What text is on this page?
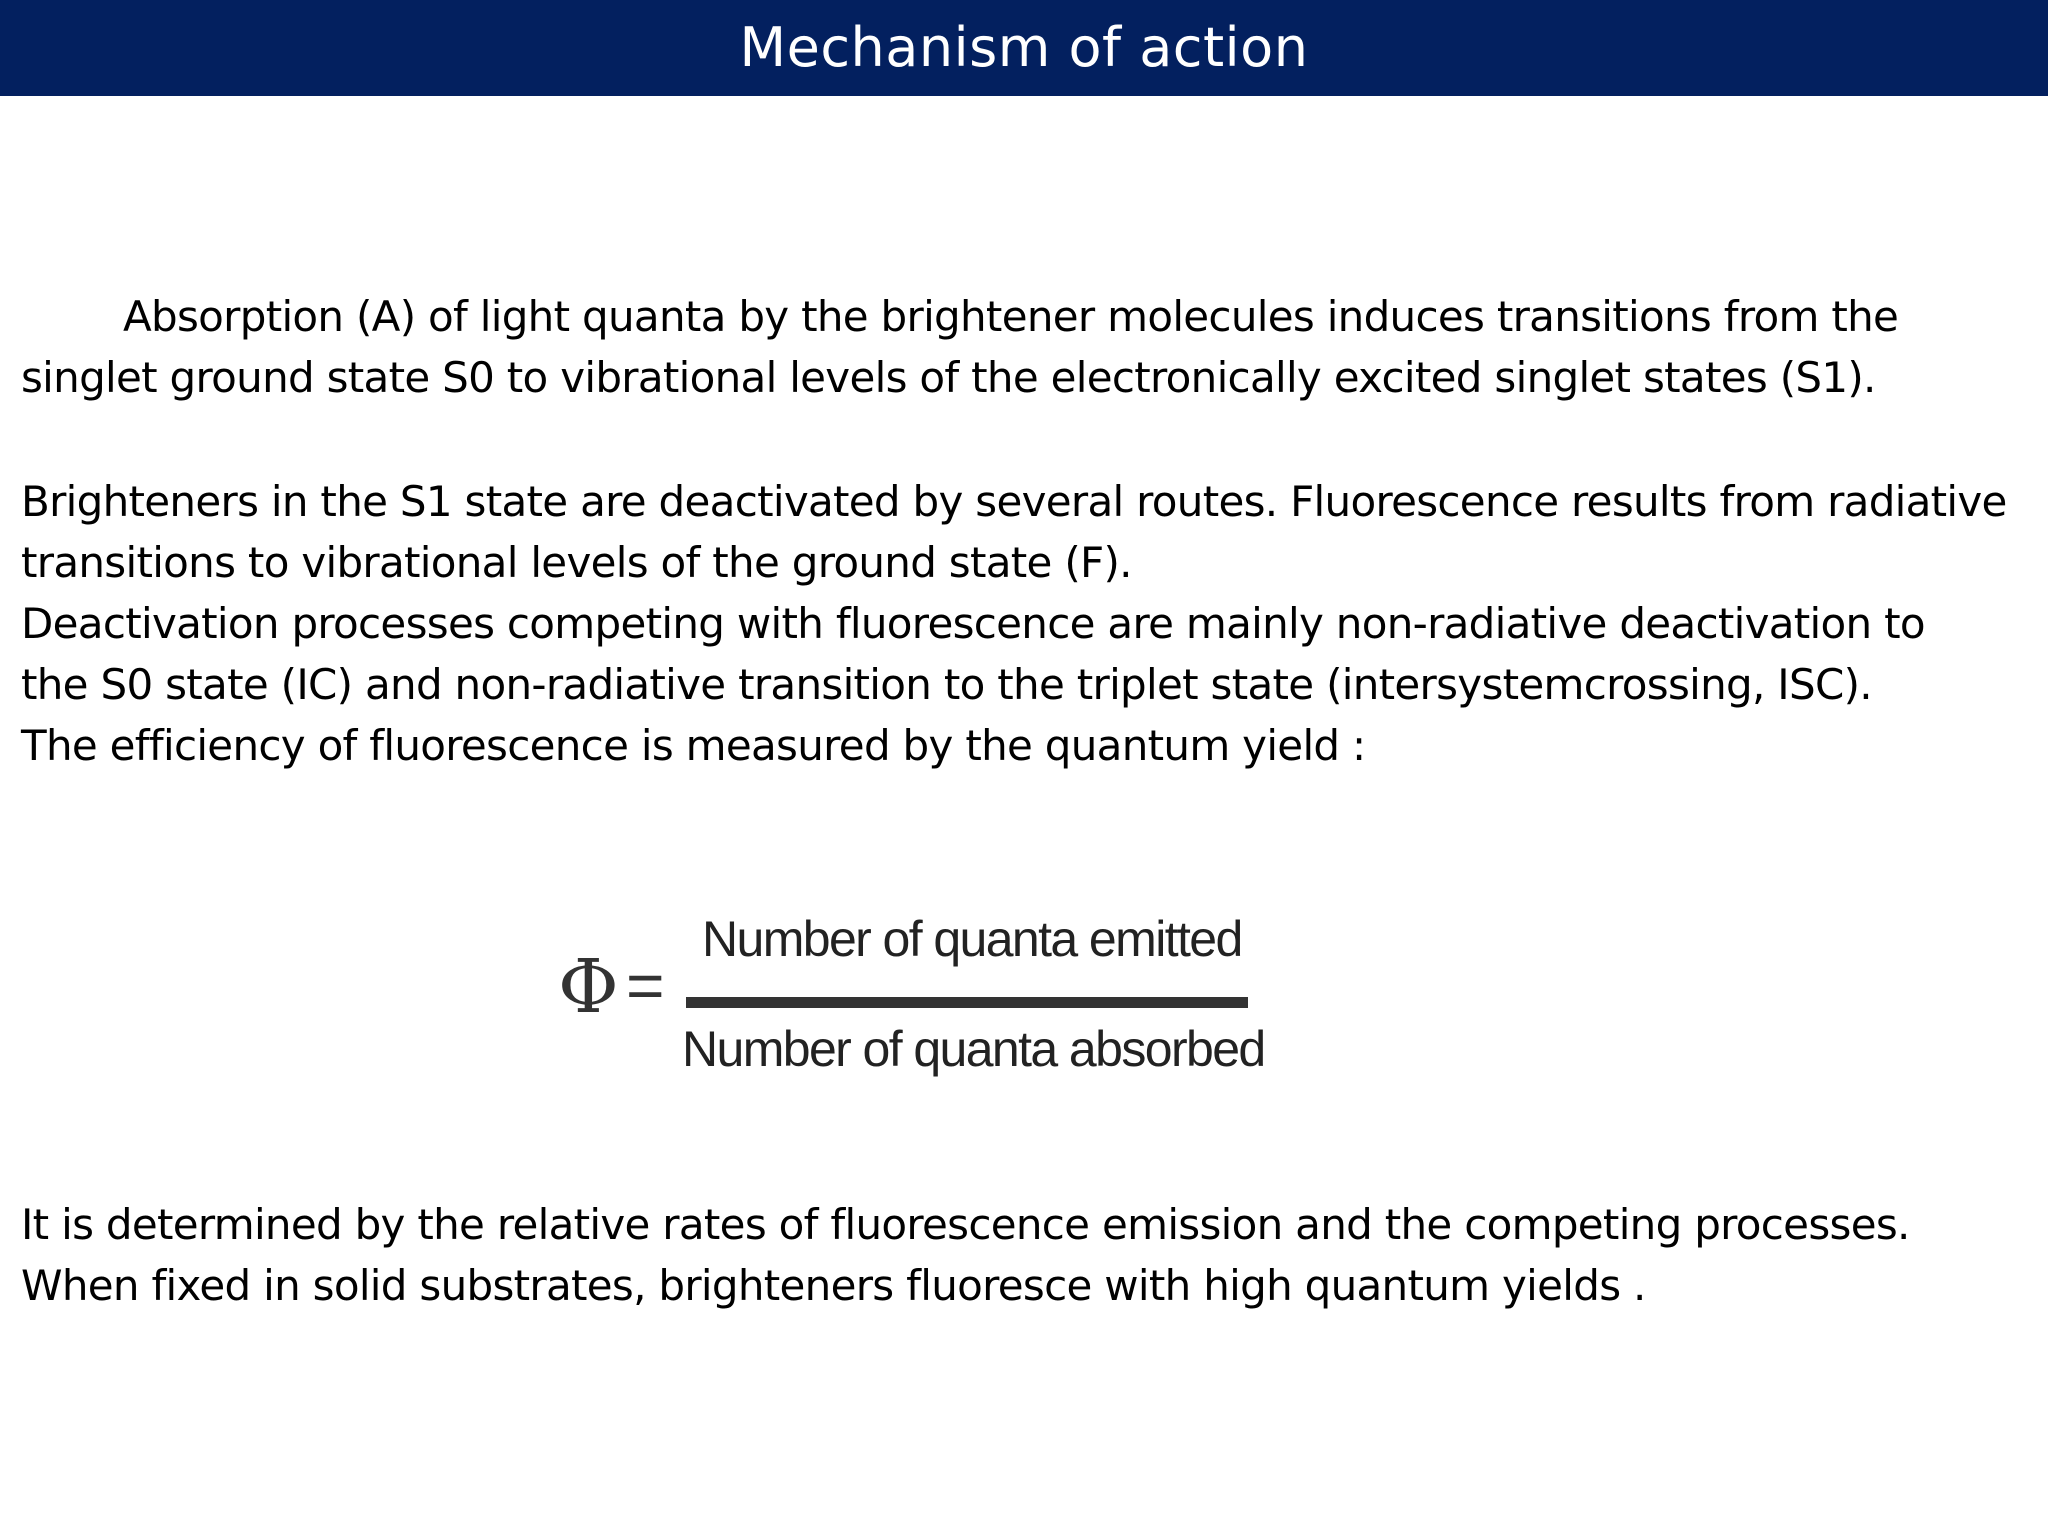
Mechanism of action

Absorption (A) of light quanta by the brightener molecules induces transitions from the
singlet ground state S0 to vibrational levels of the electronically excited singlet states (S1).

Brighteners in the S1 state are deactivated by several routes. Fluorescence results from radiative
transitions to vibrational levels of the ground state (F).
Deactivation processes competing with fluorescence are mainly non-radiative deactivation to
the S0 state (IC) and non-radiative transition to the triplet state (intersystemcrossing, ISC).
The efficiency of fluorescence is measured by the quantum yield :

Φ =
Number of quanta emitted
Number of quanta absorbed

It is determined by the relative rates of fluorescence emission and the competing processes.
When fixed in solid substrates, brighteners fluoresce with high quantum yields .
